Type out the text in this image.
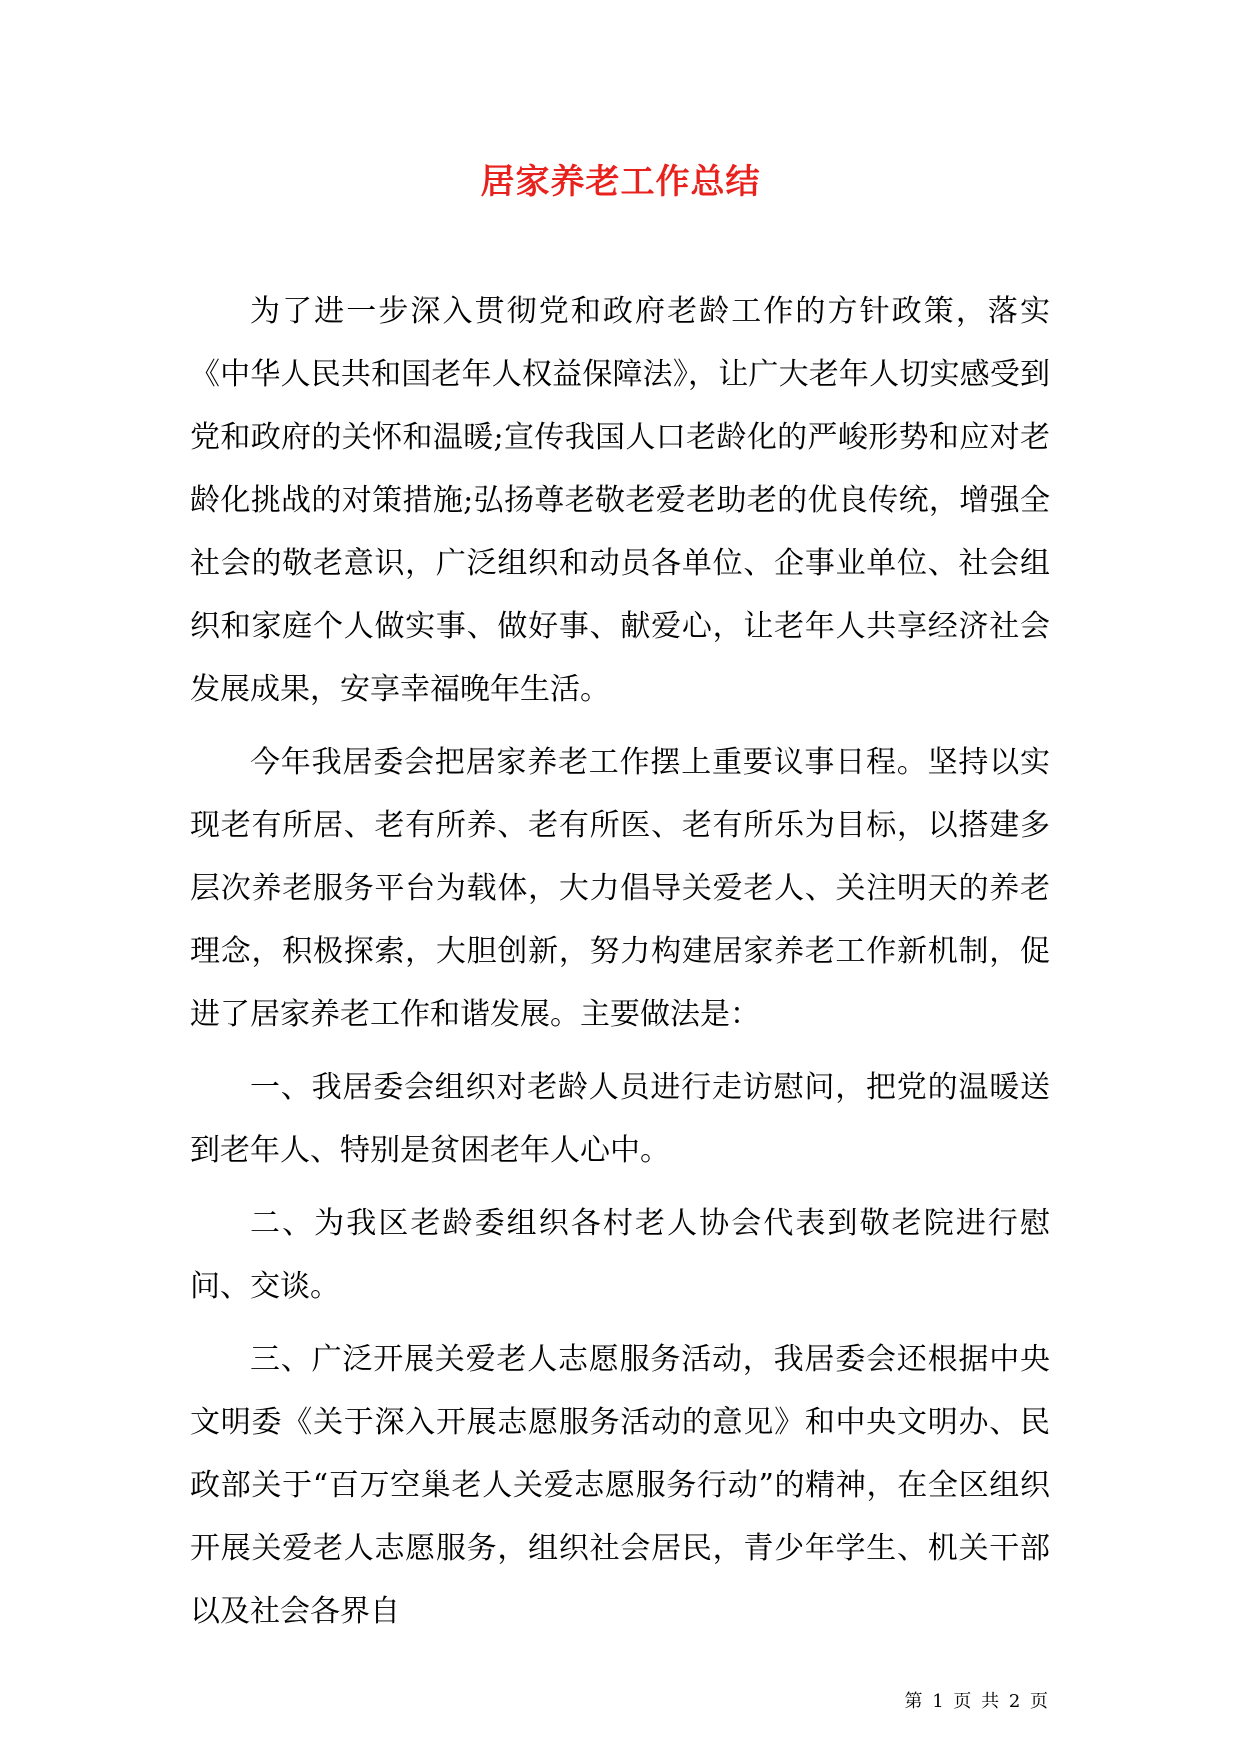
居家养老工作总结

为了进一步深入贯彻党和政府老龄工作的方针政策，落实《中华人民共和国老年人权益保障法》，让广大老年人切实感受到党和政府的关怀和温暖;宣传我国人口老龄化的严峻形势和应对老龄化挑战的对策措施;弘扬尊老敬老爱老助老的优良传统，增强全社会的敬老意识，广泛组织和动员各单位、企事业单位、社会组织和家庭个人做实事、做好事、献爱心，让老年人共享经济社会发展成果，安享幸福晚年生活。

今年我居委会把居家养老工作摆上重要议事日程。坚持以实现老有所居、老有所养、老有所医、老有所乐为目标，以搭建多层次养老服务平台为载体，大力倡导关爱老人、关注明天的养老理念，积极探索，大胆创新，努力构建居家养老工作新机制，促进了居家养老工作和谐发展。主要做法是：

一、我居委会组织对老龄人员进行走访慰问，把党的温暖送到老年人、特别是贫困老年人心中。

二、为我区老龄委组织各村老人协会代表到敬老院进行慰问、交谈。

三、广泛开展关爱老人志愿服务活动，我居委会还根据中央文明委《关于深入开展志愿服务活动的意见》和中央文明办、民政部关于“百万空巢老人关爱志愿服务行动”的精神，在全区组织开展关爱老人志愿服务，组织社会居民，青少年学生、机关干部以及社会各界自

第 1 页 共 2 页
